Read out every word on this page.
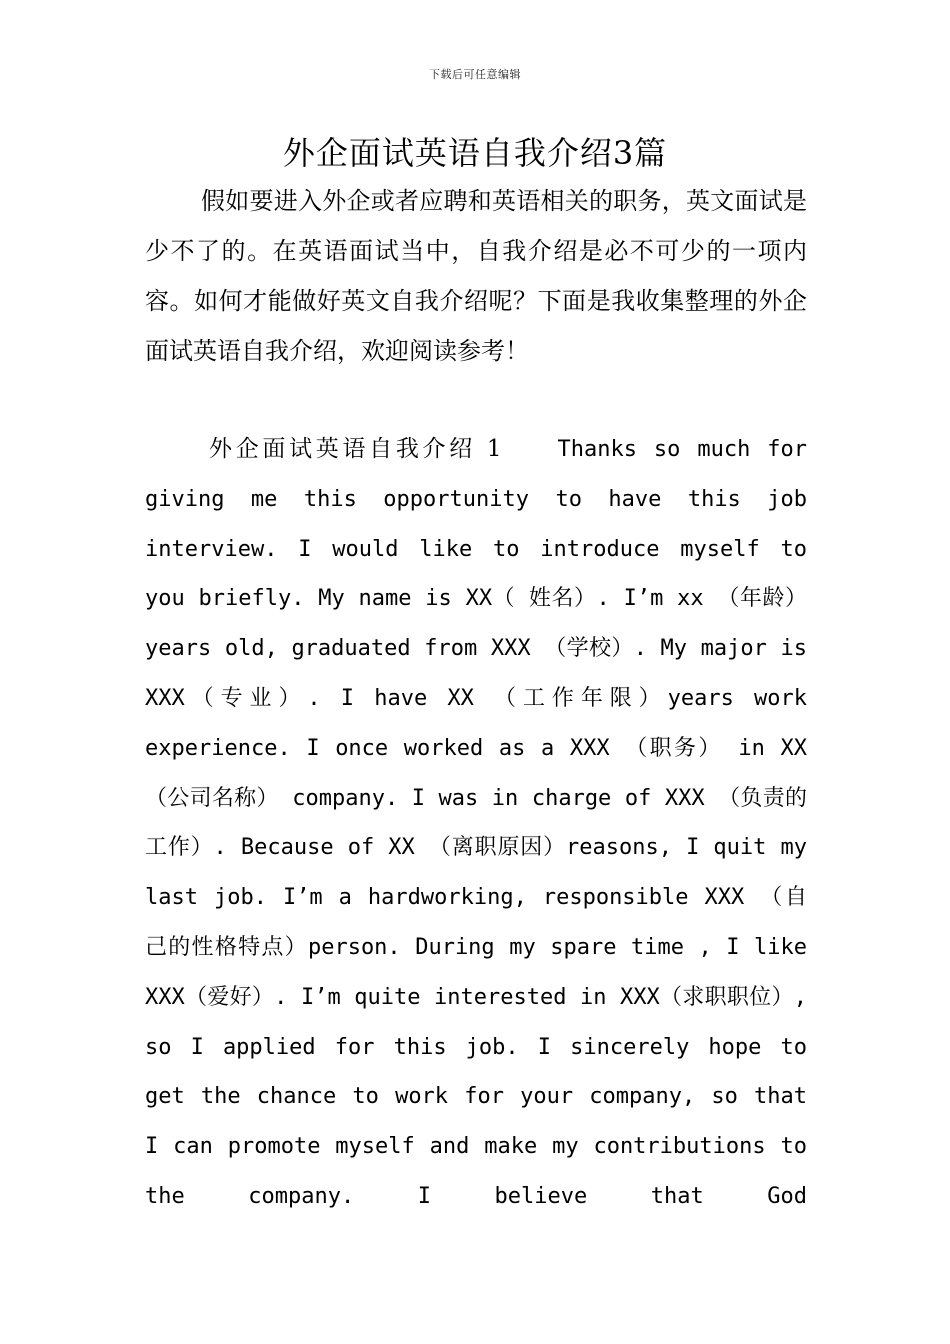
下载后可任意编辑
外企面试英语自我介绍3篇

假如要进入外企或者应聘和英语相关的职务，英文面试是少不了的。在英语面试当中，自我介绍是必不可少的一项内容。如何才能做好英文自我介绍呢？下面是我收集整理的外企面试英语自我介绍，欢迎阅读参考！

外企面试英语自我介绍 1	Thanks so much for giving me this opportunity to have this job interview. I would like to introduce myself to you briefly. My name is XX（ 姓名）. I’m xx （年龄）years old, graduated from XXX （学校）. My major is XXX（专业）. I have XX （工作年限）years work experience. I once worked as a XXX （职务） in XX （公司名称） company. I was in charge of XXX （负责的工作）. Because of XX （离职原因）reasons, I quit my last job. I’m a hardworking, responsible XXX （自己的性格特点）person. During my spare time , I like XXX（爱好）. I’m quite interested in XXX（求职职位）, so I applied for this job. I sincerely hope to get the chance to work for your company, so that I can promote myself and make my contributions to the company. I believe that God
